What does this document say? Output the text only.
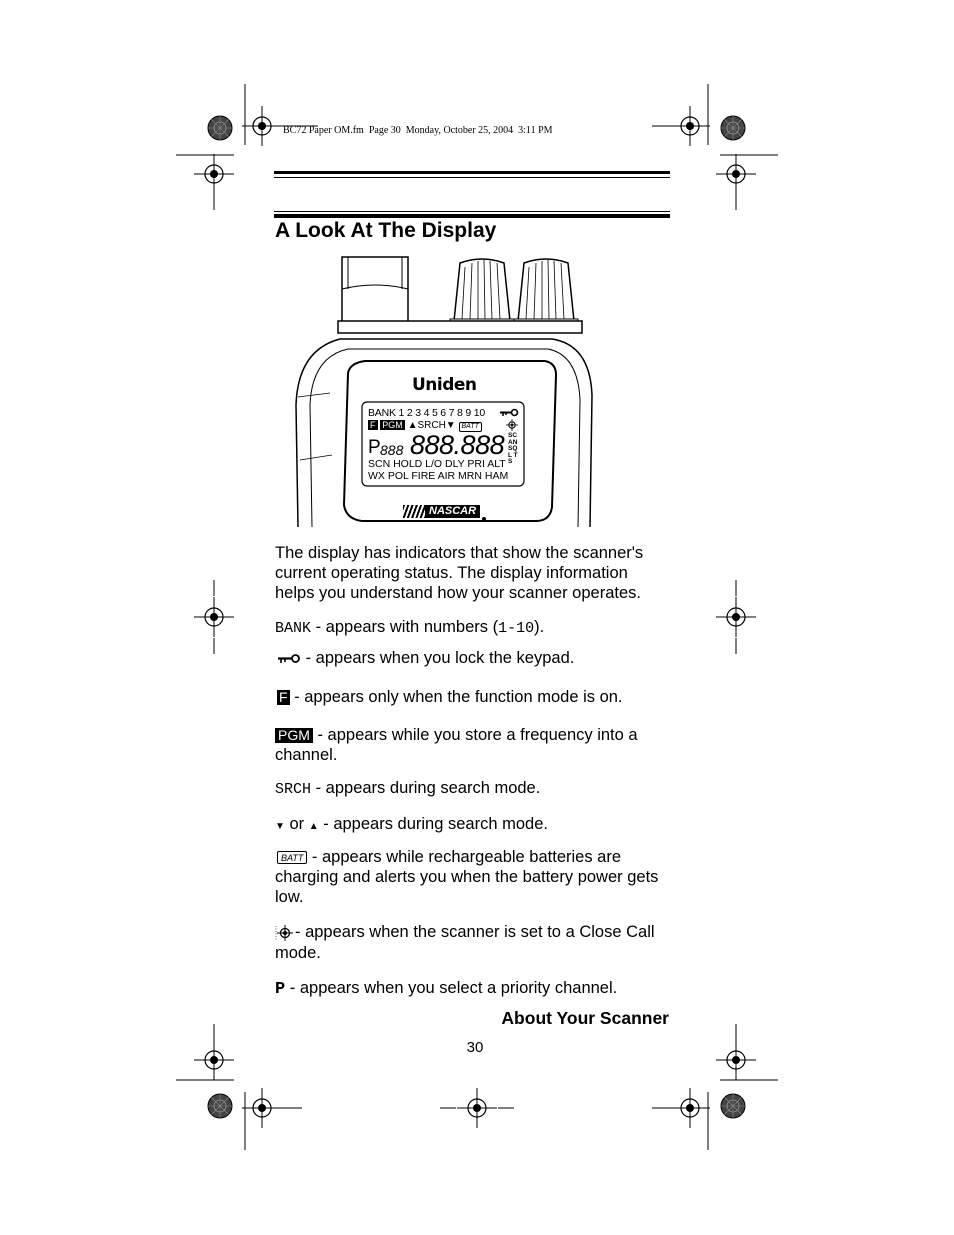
BC72 Paper OM.fm  Page 30  Monday, October 25, 2004  3:11 PM
A Look At The Display
Uniden
BANK 1 2 3 4 5 6 7 8 9 10
F PGM ▲SRCH▼ BATT
P 888 888.888 SCAN SQL TS
SCN HOLD L/O DLY PRI ALT
WX POL FIRE AIR MRN HAM
NASCAR
The display has indicators that show the scanner's current operating status. The display information helps you understand how your scanner operates.
BANK - appears with numbers (1-10).
- appears when you lock the keypad.
F - appears only when the function mode is on.
PGM - appears while you store a frequency into a channel.
SRCH - appears during search mode.
▼ or ▲ - appears during search mode.
BATT - appears while rechargeable batteries are charging and alerts you when the battery power gets low.
- appears when the scanner is set to a Close Call mode.
P - appears when you select a priority channel.
About Your Scanner
30
